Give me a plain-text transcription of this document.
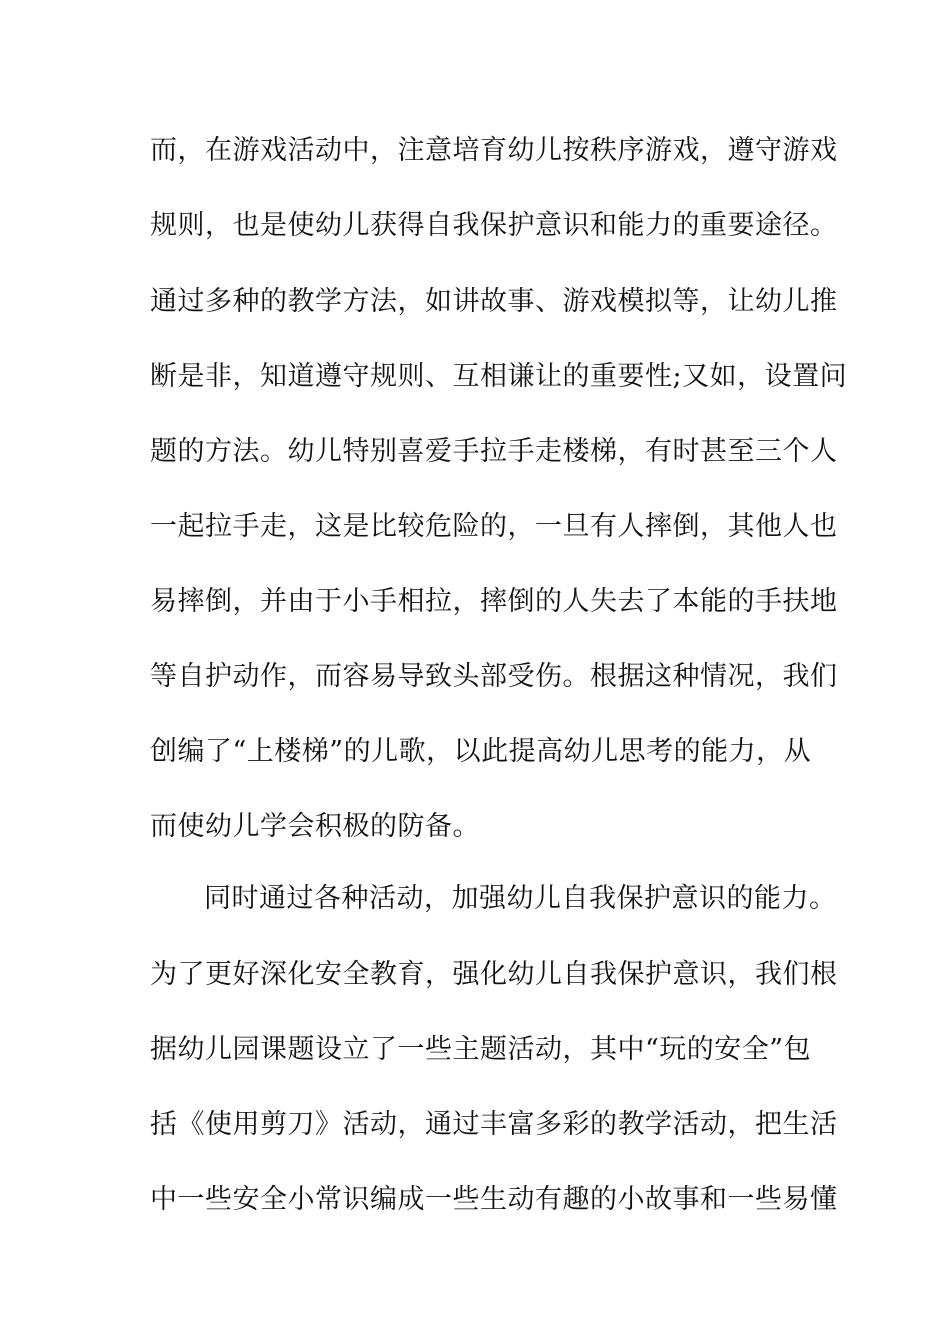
而，在游戏活动中，注意培育幼儿按秩序游戏，遵守游戏
规则，也是使幼儿获得自我保护意识和能力的重要途径。
通过多种的教学方法，如讲故事、游戏模拟等，让幼儿推
断是非，知道遵守规则、互相谦让的重要性;又如，设置问
题的方法。幼儿特别喜爱手拉手走楼梯，有时甚至三个人
一起拉手走，这是比较危险的，一旦有人摔倒，其他人也
易摔倒，并由于小手相拉，摔倒的人失去了本能的手扶地
等自护动作，而容易导致头部受伤。根据这种情况，我们
创编了“上楼梯”的儿歌，以此提高幼儿思考的能力，从
而使幼儿学会积极的防备。
同时通过各种活动，加强幼儿自我保护意识的能力。
为了更好深化安全教育，强化幼儿自我保护意识，我们根
据幼儿园课题设立了一些主题活动，其中“玩的安全”包
括《使用剪刀》活动，通过丰富多彩的教学活动，把生活
中一些安全小常识编成一些生动有趣的小故事和一些易懂
